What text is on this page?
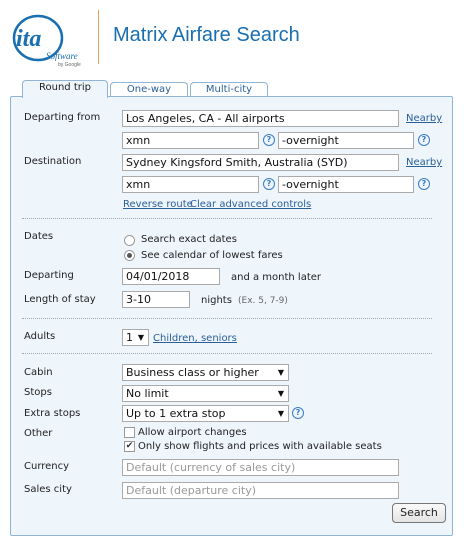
ita
Software
by Google
Matrix Airfare Search
Round trip	One-way	Multi-city
Departing from	Los Angeles, CA - All airports	Nearby
xmn	? -overnight	?
Destination	Sydney Kingsford Smith, Australia (SYD)	Nearby
xmn	? -overnight	?
Reverse route
Clear advanced controls
Dates	Search exact dates
See calendar of lowest fares
Departing	04/01/2018	and a month later
Length of stay	3-10	nights (Ex. 5, 7-9)
Adults	1 ▼ Children, seniors
Cabin	Business class or higher ▼
Stops	No limit	▼
Extra stops	Up to 1 extra stop	▼	?
Other	Allow airport changes
✔ Only show flights and prices with available seats
Currency	Default (currency of sales city)
Sales city	Default (departure city)
Search
